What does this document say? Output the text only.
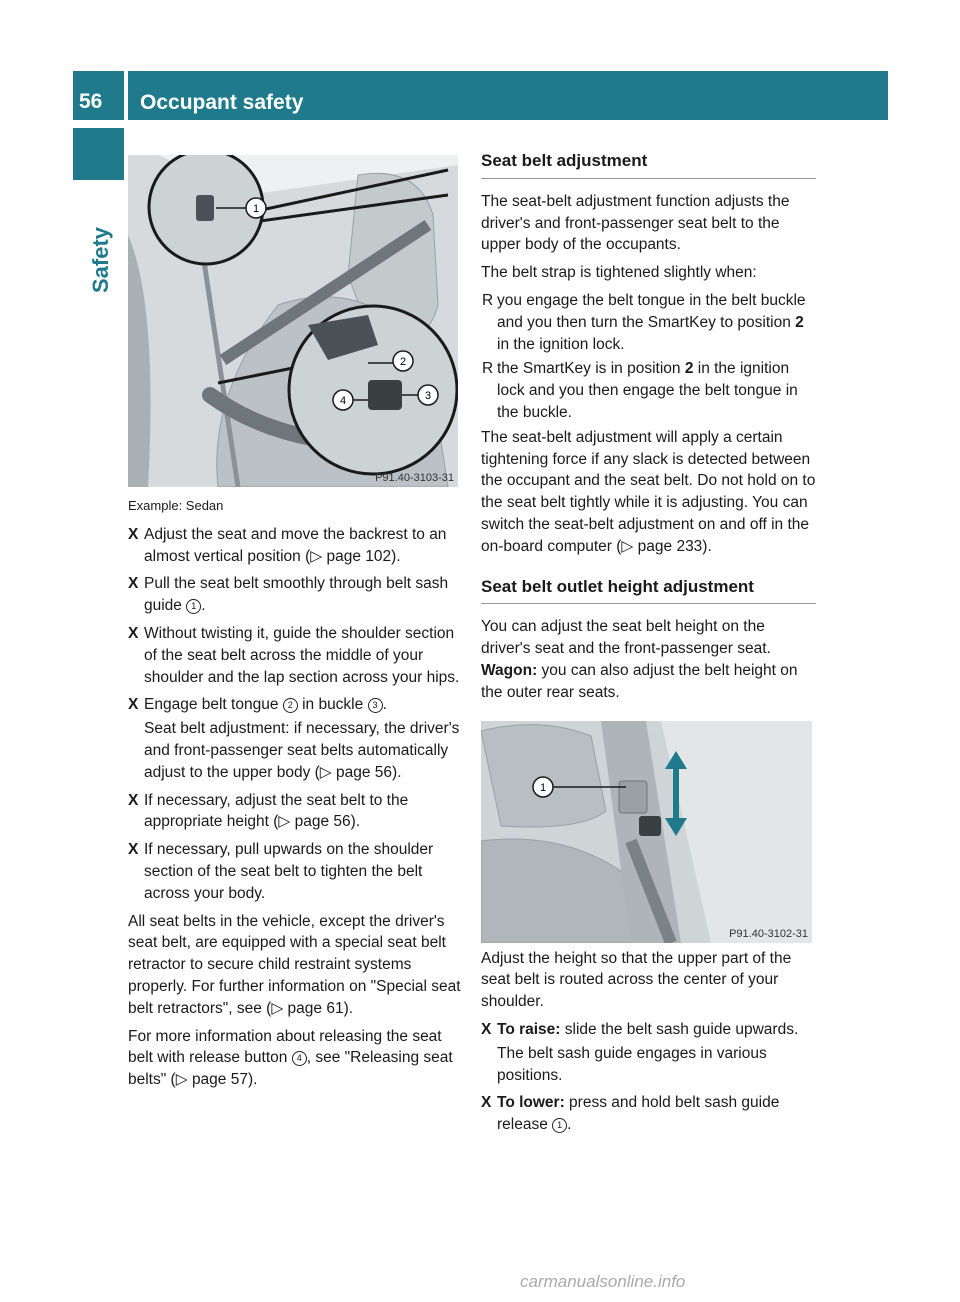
56	Occupant safety
Safety
1
2
3
4
P91.40-3103-31
1
P91.40-3102-31

Example: Sedan

X Adjust the seat and move the backrest to an almost vertical position (▷ page 102).
X Pull the seat belt smoothly through belt sash guide 1 .
X Without twisting it, guide the shoulder section of the seat belt across the middle of your shoulder and the lap section across your hips.
X Engage belt tongue 2 in buckle 3 .
Seat belt adjustment: if necessary, the driver's and front-passenger seat belts automatically adjust to the upper body (▷ page 56).
X If necessary, adjust the seat belt to the appropriate height (▷ page 56).
X If necessary, pull upwards on the shoulder section of the seat belt to tighten the belt across your body.

All seat belts in the vehicle, except the driver's seat belt, are equipped with a special seat belt retractor to secure child restraint systems properly. For further information on "Special seat belt retractors", see (▷ page 61).

For more information about releasing the seat belt with release button 4 , see "Releasing seat belts" (▷ page 57).

Seat belt adjustment

The seat-belt adjustment function adjusts the driver's and front-passenger seat belt to the upper body of the occupants.

The belt strap is tightened slightly when:

R you engage the belt tongue in the belt buckle and you then turn the SmartKey to position 2 in the ignition lock.
R the SmartKey is in position 2 in the ignition lock and you then engage the belt tongue in the buckle.

The seat-belt adjustment will apply a certain tightening force if any slack is detected between the occupant and the seat belt. Do not hold on to the seat belt tightly while it is adjusting. You can switch the seat-belt adjustment on and off in the on-board computer (▷ page 233).

Seat belt outlet height adjustment

You can adjust the seat belt height on the driver's seat and the front-passenger seat.

Wagon: you can also adjust the belt height on the outer rear seats.

Adjust the height so that the upper part of the seat belt is routed across the center of your shoulder.

X To raise: slide the belt sash guide upwards.
The belt sash guide engages in various positions.
X To lower: press and hold belt sash guide release 1 .
carmanualsonline.info
